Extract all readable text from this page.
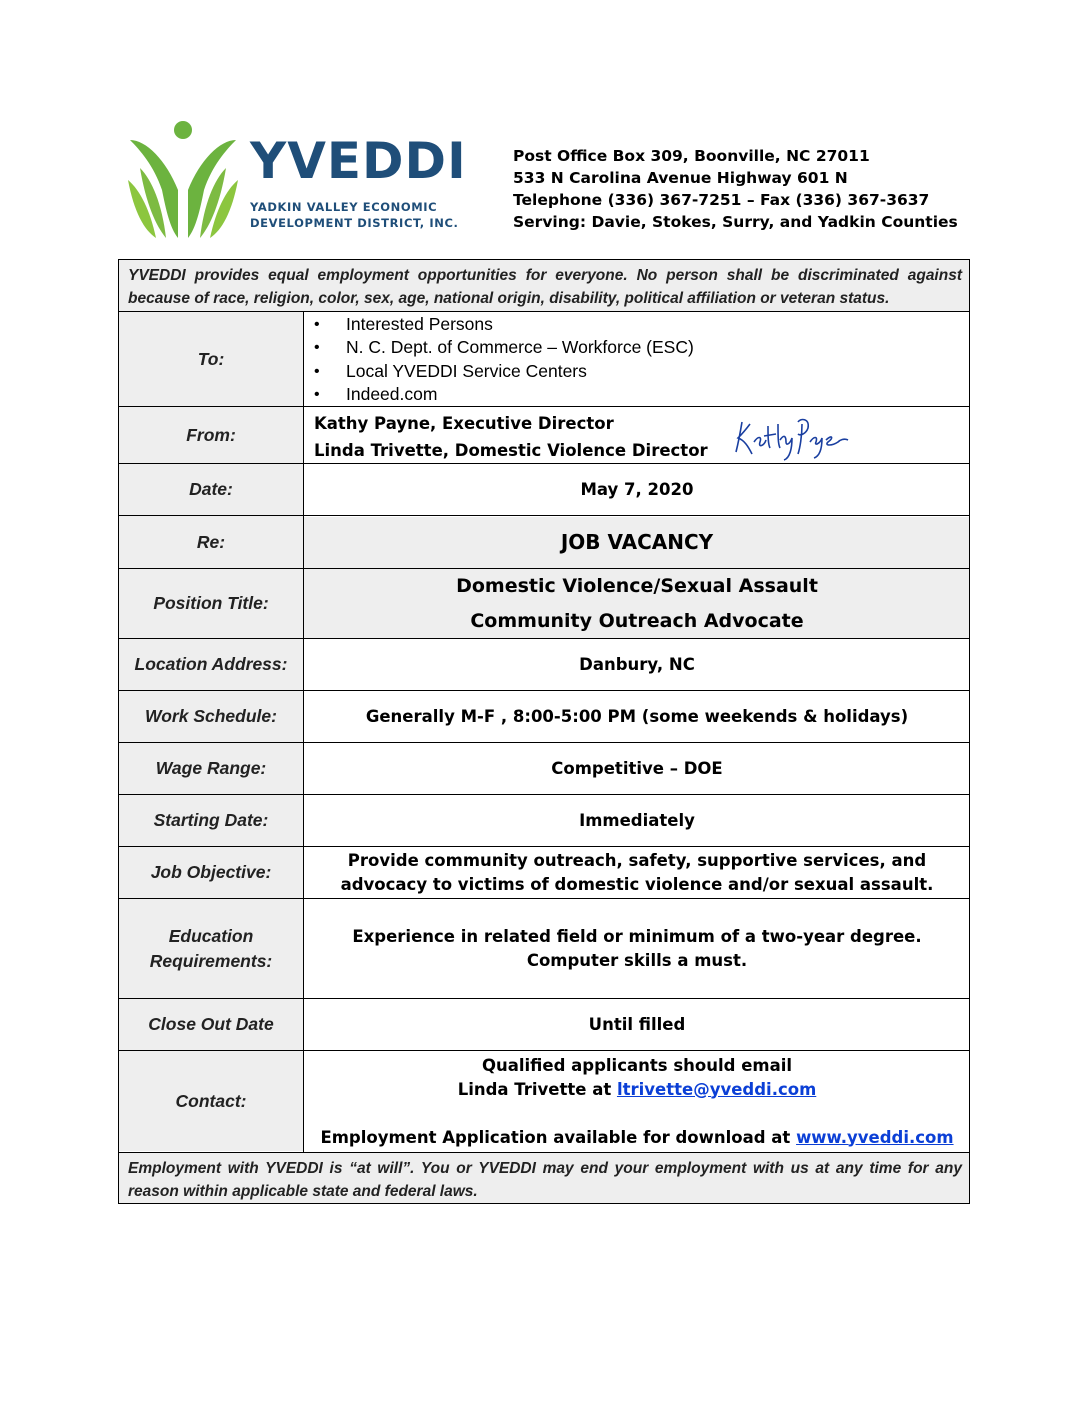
YVEDDI
YADKIN VALLEY ECONOMIC
DEVELOPMENT DISTRICT, INC.
Post Office Box 309, Boonville, NC 27011
533 N Carolina Avenue Highway 601 N
Telephone (336) 367-7251 – Fax (336) 367-3637
Serving: Davie, Stokes, Surry, and Yadkin Counties
YVEDDI provides equal employment opportunities for everyone. No person shall be discriminated against because of race, religion, color, sex, age, national origin, disability, political affiliation or veteran status.
To:
• Interested Persons
• N. C. Dept. of Commerce – Workforce (ESC)
• Local YVEDDI Service Centers
• Indeed.com
From:
Kathy Payne, Executive Director
Linda Trivette, Domestic Violence Director
Date:	May 7, 2020
Re:	JOB VACANCY
Position Title:
Domestic Violence/Sexual Assault
Community Outreach Advocate
Location Address:	Danbury, NC
Work Schedule:	Generally M-F , 8:00-5:00 PM (some weekends & holidays)
Wage Range:	Competitive – DOE
Starting Date:	Immediately
Job Objective:
Provide community outreach, safety, supportive services, and
advocacy to victims of domestic violence and/or sexual assault.
Education
Requirements:
Experience in related field or minimum of a two-year degree.
Computer skills a must.
Close Out Date	Until filled
Contact:
Qualified applicants should email
Linda Trivette at ltrivette@yveddi.com
Employment Application available for download at www.yveddi.com
Employment with YVEDDI is “at will”. You or YVEDDI may end your employment with us at any time for any reason within applicable state and federal laws.
